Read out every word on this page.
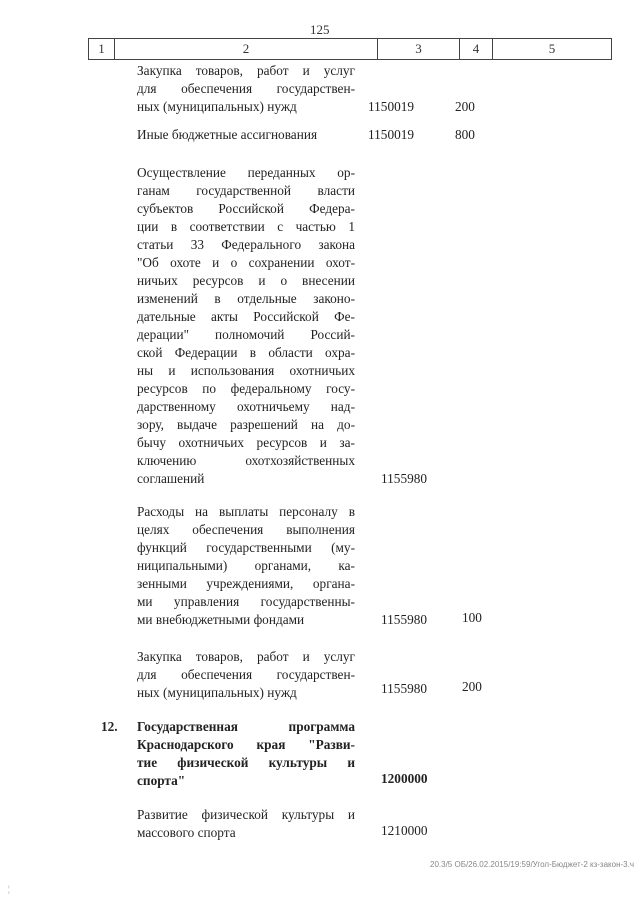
125
1	2	3	4	5
Закупка товаров, работ и услуг
для обеспечения государствен-
ных (муниципальных) нужд	1150019	200
Иные бюджетные ассигнования	1150019	800
Осуществление переданных ор-
ганам государственной власти
субъектов Российской Федера-
ции в соответствии с частью 1
статьи 33 Федерального закона
"Об охоте и о сохранении охот-
ничьих ресурсов и о внесении
изменений в отдельные законо-
дательные акты Российской Фе-
дерации" полномочий Россий-
ской Федерации в области охра-
ны и использования охотничьих
ресурсов по федеральному госу-
дарственному охотничьему над-
зору, выдаче разрешений на до-
бычу охотничьих ресурсов и за-
ключению охотхозяйственных
соглашений	1155980
Расходы на выплаты персоналу в
целях обеспечения выполнения
функций государственными (му-
ниципальными) органами, ка-
зенными учреждениями, органа-
ми управления государственны-
ми внебюджетными фондами	1155980	100
Закупка товаров, работ и услуг
для обеспечения государствен-
ных (муниципальных) нужд	1155980	200
12. Государственная программа
Краснодарского края "Разви-
тие физической культуры и
спорта"	1200000
Развитие физической культуры и
массового спорта	1210000
20.3/5 ОБ/26.02.2015/19:59/Угол-Бюджет-2 кз-закон-3.ч
¦
